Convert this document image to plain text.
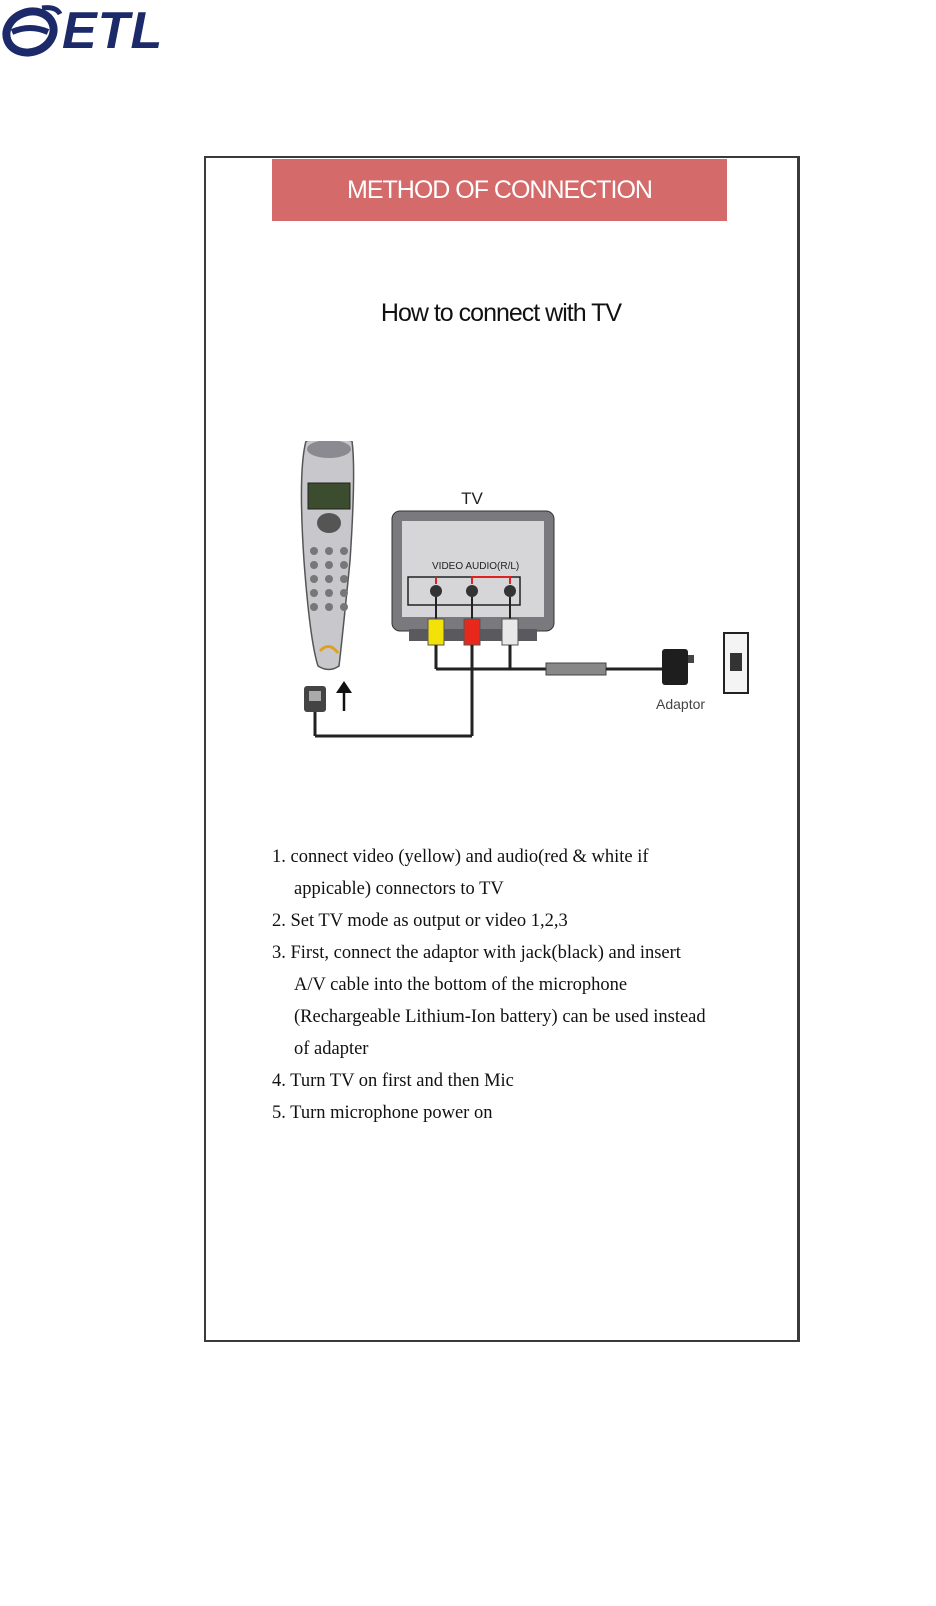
ETL
METHOD OF CONNECTION
How to connect with TV
TV
VIDEO AUDIO(R/L)
Adaptor
1. connect video (yellow) and audio(red & white if
appicable) connectors to TV
2. Set TV mode as output or video 1,2,3
3. First, connect the adaptor with jack(black) and insert
A/V cable into the bottom of the microphone
(Rechargeable Lithium-Ion battery) can be used instead
of adapter
4. Turn TV on first and then Mic
5. Turn microphone power on
